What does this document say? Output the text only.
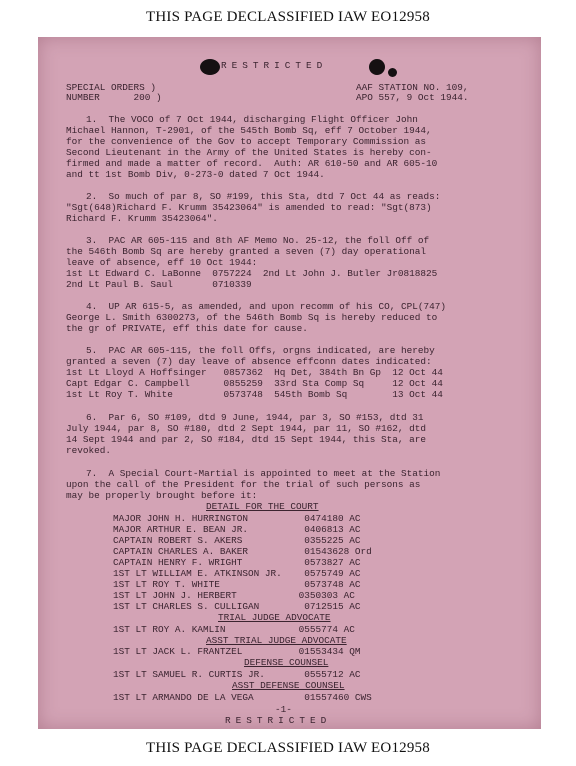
THIS PAGE DECLASSIFIED IAW EO12958
RESTRICTED
SPECIAL ORDERS )
NUMBER      200 )
AAF STATION NO. 109,
APO 557, 9 Oct 1944.
1.  The VOCO of 7 Oct 1944, discharging Flight Officer John
Michael Hannon, T-2901, of the 545th Bomb Sq, eff 7 October 1944,
for the convenience of the Gov to accept Temporary Commission as
Second Lieutenant in the Army of the United States is hereby con-
firmed and made a matter of record.  Auth: AR 610-50 and AR 605-10
and tt 1st Bomb Div, 0-273-0 dated 7 Oct 1944.
2.  So much of par 8, SO #199, this Sta, dtd 7 Oct 44 as reads:
"Sgt(648)Richard F. Krumm 35423064" is amended to read: "Sgt(873)
Richard F. Krumm 35423064".
3.  PAC AR 605-115 and 8th AF Memo No. 25-12, the foll Off of
the 546th Bomb Sq are hereby granted a seven (7) day operational
leave of absence, eff 10 Oct 1944:
1st Lt Edward C. LaBonne  0757224  2nd Lt John J. Butler Jr0818825
2nd Lt Paul B. Saul       0710339
4.  UP AR 615-5, as amended, and upon recomm of his CO, CPL(747)
George L. Smith 6300273, of the 546th Bomb Sq is hereby reduced to
the gr of PRIVATE, eff this date for cause.
5.  PAC AR 605-115, the foll Offs, orgns indicated, are hereby
granted a seven (7) day leave of absence effconn dates indicated:
1st Lt Lloyd A Hoffsinger   0857362  Hq Det, 384th Bn Gp  12 Oct 44
Capt Edgar C. Campbell      0855259  33rd Sta Comp Sq     12 Oct 44
1st Lt Roy T. White         0573748  545th Bomb Sq        13 Oct 44
6.  Par 6, SO #109, dtd 9 June, 1944, par 3, SO #153, dtd 31
July 1944, par 8, SO #180, dtd 2 Sept 1944, par 11, SO #162, dtd
14 Sept 1944 and par 2, SO #184, dtd 15 Sept 1944, this Sta, are
revoked.
7.  A Special Court-Martial is appointed to meet at the Station
upon the call of the President for the trial of such persons as
may be properly brought before it:
DETAIL FOR THE COURT
MAJOR JOHN H. HURRINGTON          0474180 AC
MAJOR ARTHUR E. BEAN JR.          0406813 AC
CAPTAIN ROBERT S. AKERS           0355225 AC
CAPTAIN CHARLES A. BAKER          01543628 Ord
CAPTAIN HENRY F. WRIGHT           0573827 AC
1ST LT WILLIAM E. ATKINSON JR.    0575749 AC
1ST LT ROY T. WHITE               0573748 AC
1ST LT JOHN J. HERBERT           0350303 AC
1ST LT CHARLES S. CULLIGAN        0712515 AC
TRIAL JUDGE ADVOCATE
1ST LT ROY A. KAMLIN             0555774 AC
ASST TRIAL JUDGE ADVOCATE
1ST LT JACK L. FRANTZEL          01553434 QM
DEFENSE COUNSEL
1ST LT SAMUEL R. CURTIS JR.       0555712 AC
ASST DEFENSE COUNSEL
1ST LT ARMANDO DE LA VEGA         01557460 CWS
-1-
RESTRICTED
THIS PAGE DECLASSIFIED IAW EO12958
